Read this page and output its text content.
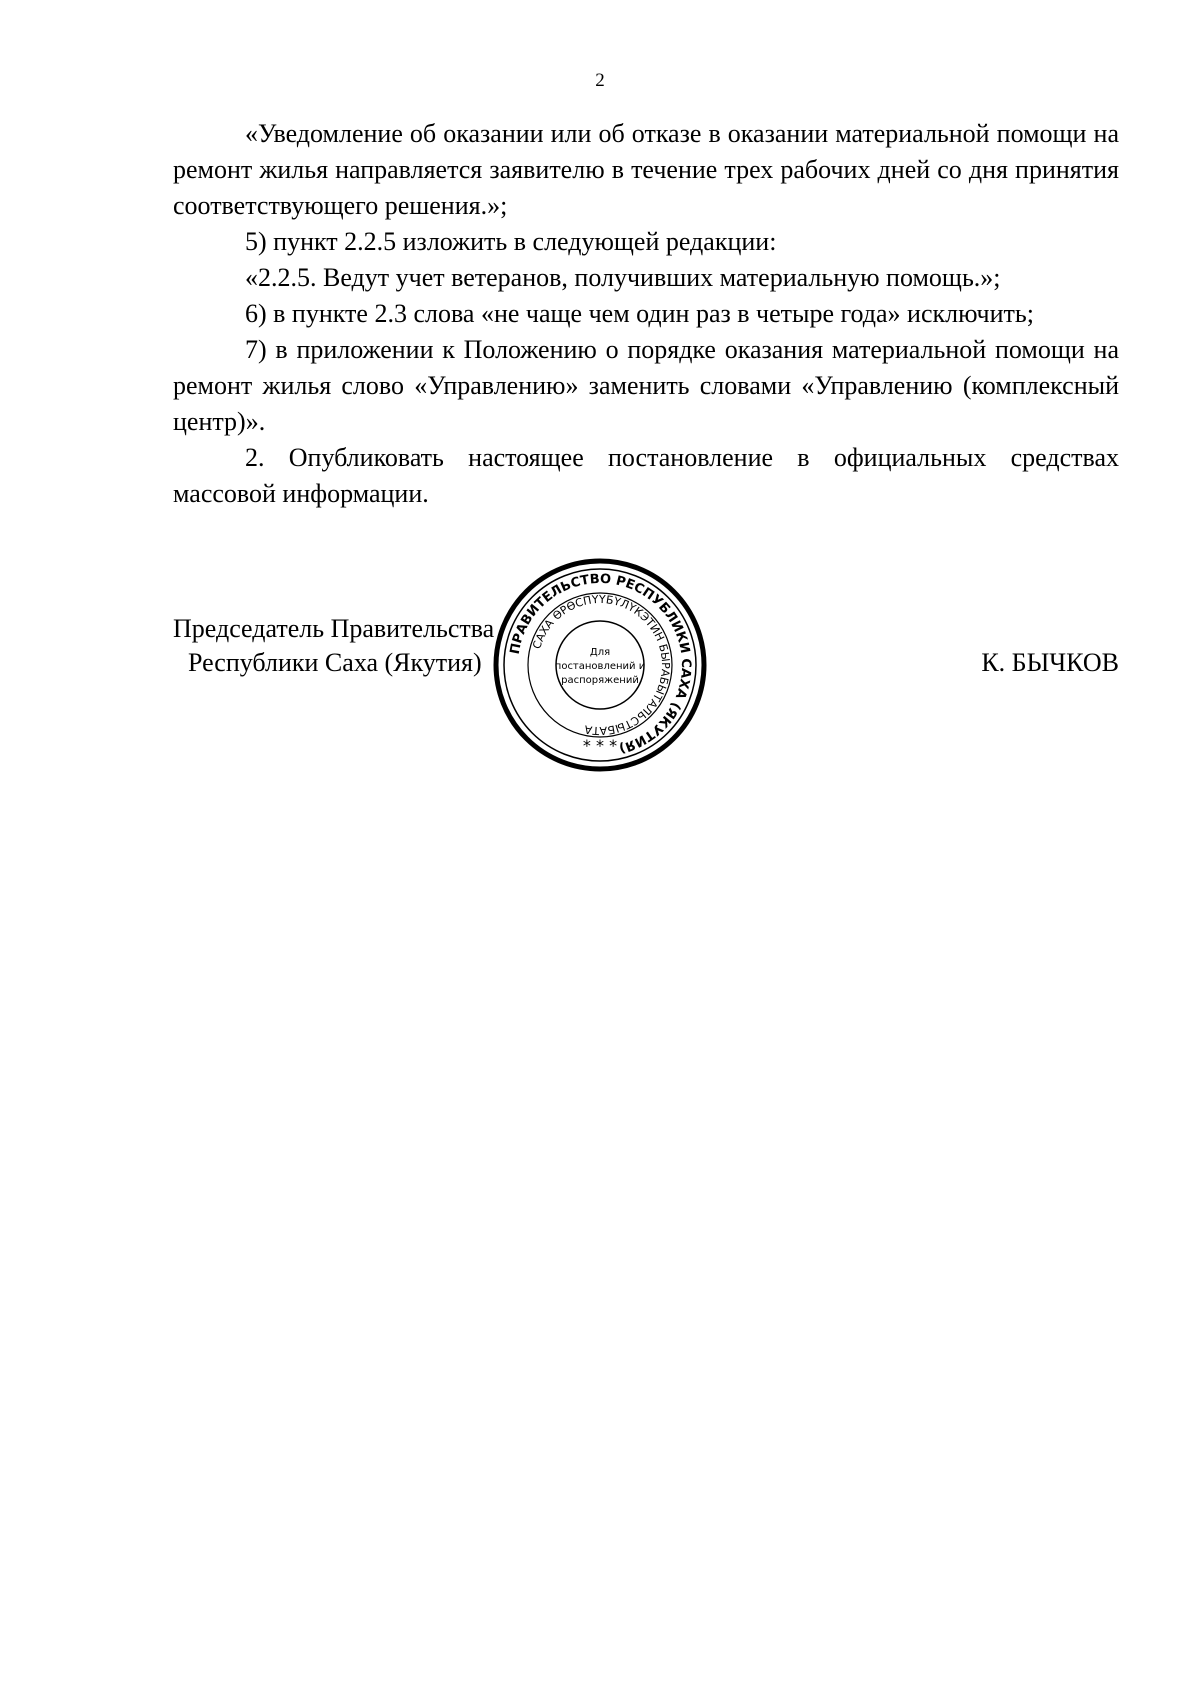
2

«Уведомление об оказании или об отказе в оказании материальной помощи на ремонт жилья направляется заявителю в течение трех рабочих дней со дня принятия соответствующего решения.»;

5) пункт 2.2.5 изложить в следующей редакции:

«2.2.5. Ведут учет ветеранов, получивших материальную помощь.»;

6) в пункте 2.3 слова «не чаще чем один раз в четыре года» исключить;

7) в приложении к Положению о порядке оказания материальной помощи на ремонт жилья слово «Управлению» заменить словами «Управлению (комплексный центр)».

2. Опубликовать настоящее постановление в официальных средствах массовой информации.

Председатель Правительства
Республики Саха (Якутия)	К. БЫЧКОВ
ПРАВИТЕЛЬСТВО РЕСПУБЛИКИ САХА (ЯКУТИЯ)
САХА ӨРӨСПҮҮБҮЛҮКЭТИН БЫРАБЫТАЛЬСТЫБАТА
Для
постановлений и
распоряжений
* * *
